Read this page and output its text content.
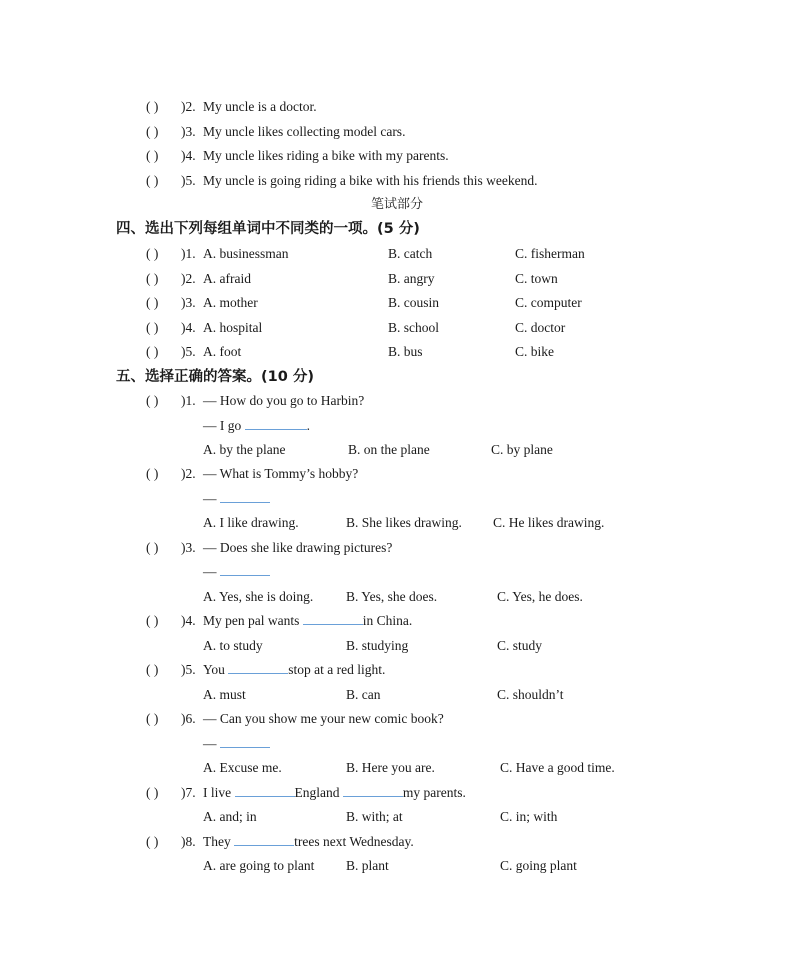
( ) )2. My uncle is a doctor.
( ) )3. My uncle likes collecting model cars.
( ) )4. My uncle likes riding a bike with my parents.
( ) )5. My uncle is going riding a bike with his friends this weekend.
笔试部分
四、选出下列每组单词中不同类的一项。(5 分)
( ) )1. A. businessman	B. catch	C. fisherman
( ) )2. A. afraid	B. angry	C. town
( ) )3. A. mother	B. cousin	C. computer
( ) )4. A. hospital	B. school	C. doctor
( ) )5. A. foot	B. bus	C. bike
五、选择正确的答案。(10 分)
( ) )1. — How do you go to Harbin?
— I go	.
A. by the plane	B. on the plane	C. by plane
( ) )2. — What is Tommy’s hobby?
—
A. I like drawing.	B. She likes drawing. C. He likes drawing.
( ) )3. — Does she like drawing pictures?
—
A. Yes, she is doing. B. Yes, she does.	C. Yes, he does.
( ) )4. My pen pal wants	in China.
A. to study	B. studying	C. study
( ) )5. You	stop at a red light.
A. must	B. can	C. shouldn’t
( ) )6. — Can you show me your new comic book?
—
A. Excuse me.	B. Here you are.	C. Have a good time.
( ) )7. I live	England	my parents.
A. and; in	B. with; at	C. in; with
( ) )8. They	trees next Wednesday.
A. are going to plant B. plant	C. going plant
